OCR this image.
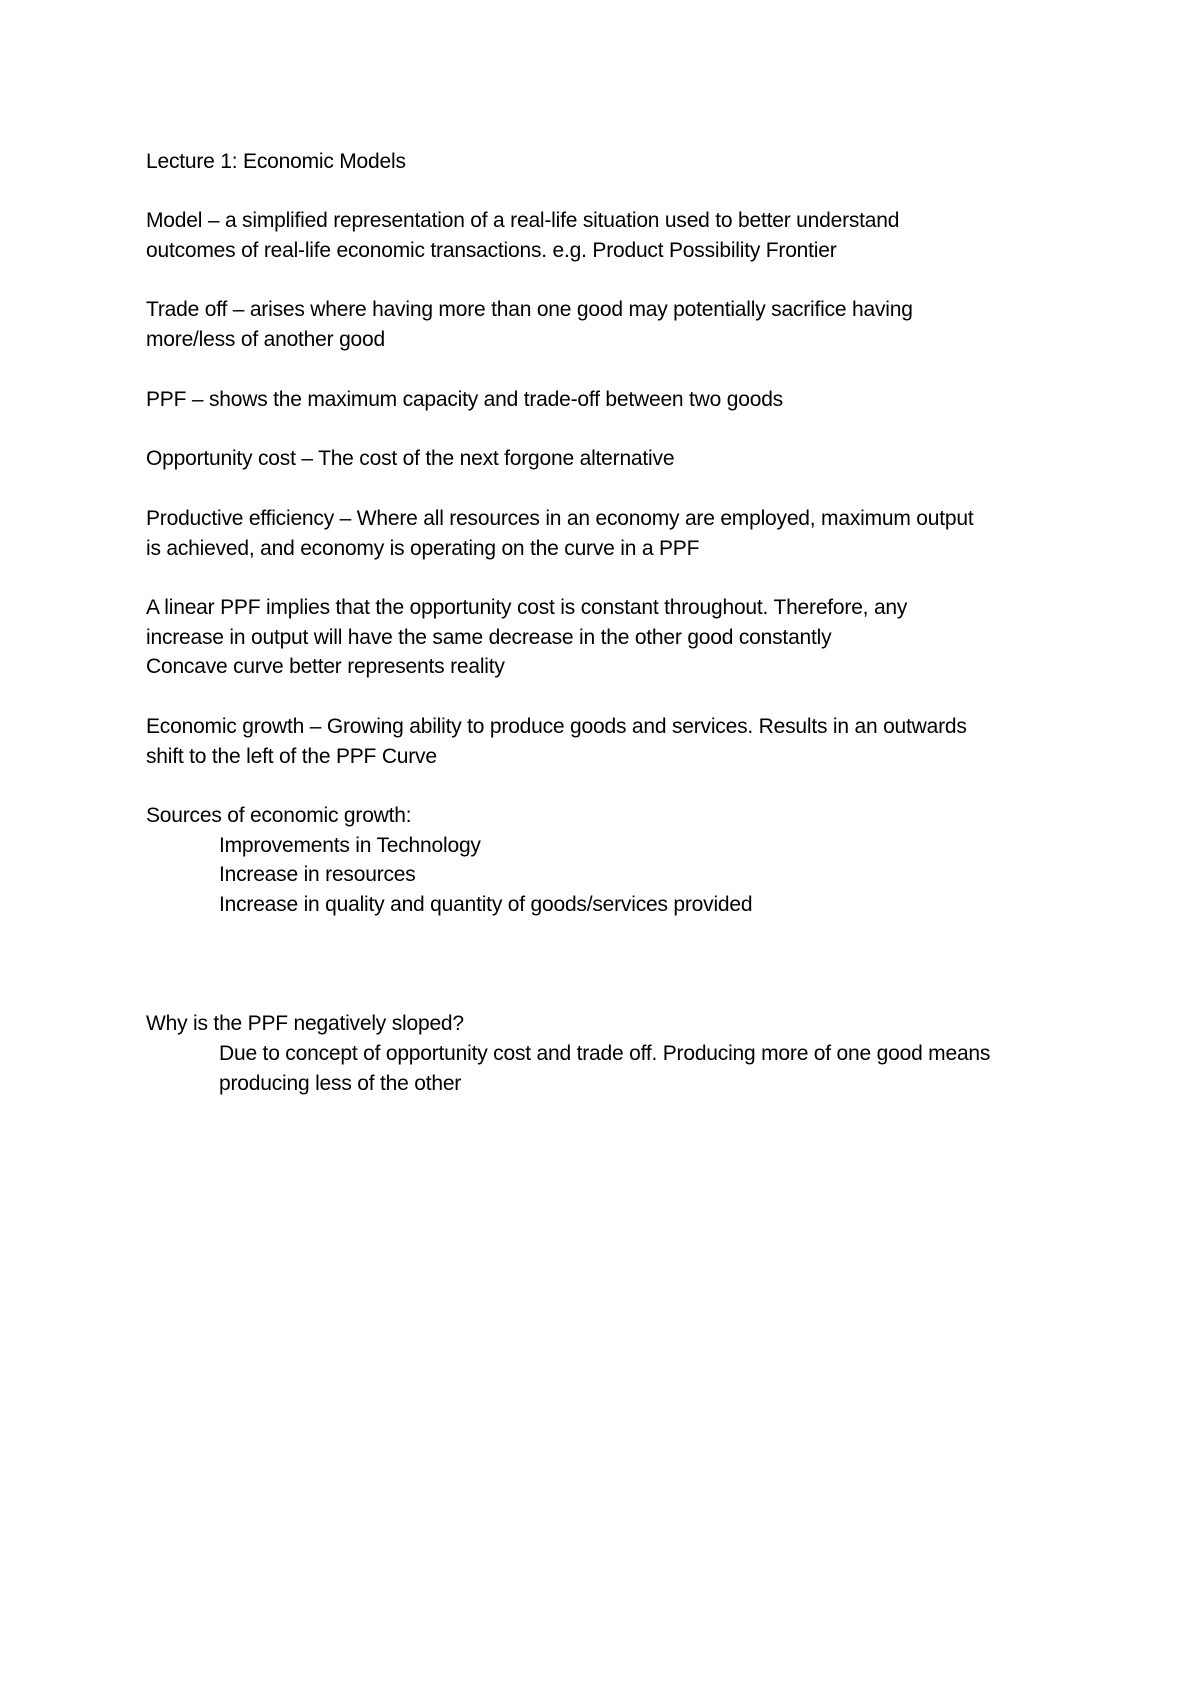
Lecture 1: Economic Models
Model – a simplified representation of a real-life situation used to better understand
outcomes of real-life economic transactions. e.g. Product Possibility Frontier
Trade off – arises where having more than one good may potentially sacrifice having
more/less of another good
PPF – shows the maximum capacity and trade-off between two goods
Opportunity cost – The cost of the next forgone alternative
Productive efficiency – Where all resources in an economy are employed, maximum output
is achieved, and economy is operating on the curve in a PPF
A linear PPF implies that the opportunity cost is constant throughout. Therefore, any
increase in output will have the same decrease in the other good constantly
Concave curve better represents reality
Economic growth – Growing ability to produce goods and services. Results in an outwards
shift to the left of the PPF Curve
Sources of economic growth:
Improvements in Technology
Increase in resources
Increase in quality and quantity of goods/services provided
Why is the PPF negatively sloped?
Due to concept of opportunity cost and trade off. Producing more of one good means
producing less of the other
